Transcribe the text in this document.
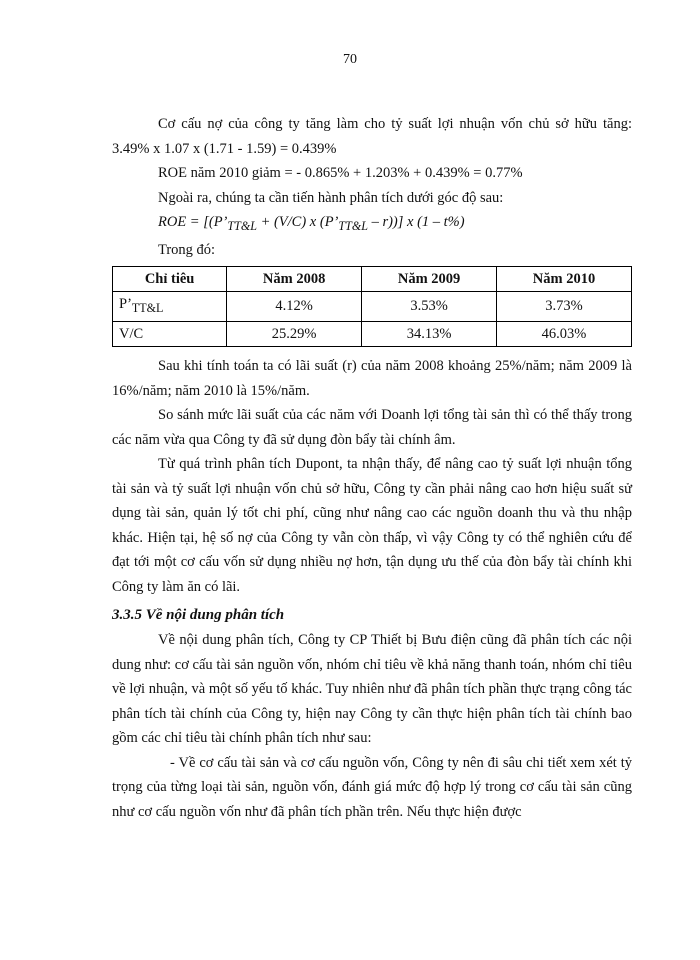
70

Cơ cấu nợ của công ty tăng làm cho tỷ suất lợi nhuận vốn chủ sở hữu tăng: 3.49% x 1.07 x (1.71 - 1.59) = 0.439%

ROE năm 2010 giảm = - 0.865% + 1.203% + 0.439% = 0.77%

Ngoài ra, chúng ta cần tiến hành phân tích dưới góc độ sau:

ROE = [($P’_{TT\&L} + (V/C)$ x $(P’_{TT\&L} - r)$)] x (1 – t%)

Trong đó:

Chỉ tiêu	Năm 2008	Năm 2009	Năm 2010
$P’_{TT\&L}$	4.12%	3.53%	3.73%
V/C	25.29%	34.13%	46.03%

Sau khi tính toán ta có lãi suất (r) của năm 2008 khoảng 25%/năm; năm 2009 là 16%/năm; năm 2010 là 15%/năm.

So sánh mức lãi suất của các năm với Doanh lợi tổng tài sản thì có thể thấy trong các năm vừa qua Công ty đã sử dụng đòn bẩy tài chính âm.

Từ quá trình phân tích Dupont, ta nhận thấy, để nâng cao tỷ suất lợi nhuận tổng tài sản và tỷ suất lợi nhuận vốn chủ sở hữu, Công ty cần phải nâng cao hơn hiệu suất sử dụng tài sản, quản lý tốt chi phí, cũng như nâng cao các nguồn doanh thu và thu nhập khác. Hiện tại, hệ số nợ của Công ty vẫn còn thấp, vì vậy Công ty có thể nghiên cứu để đạt tới một cơ cấu vốn sử dụng nhiều nợ hơn, tận dụng ưu thế của đòn bẩy tài chính khi Công ty làm ăn có lãi.

3.3.5 Về nội dung phân tích

Về nội dung phân tích, Công ty CP Thiết bị Bưu điện cũng đã phân tích các nội dung như: cơ cấu tài sản nguồn vốn, nhóm chỉ tiêu về khả năng thanh toán, nhóm chỉ tiêu về lợi nhuận, và một số yếu tố khác. Tuy nhiên như đã phân tích phần thực trạng công tác phân tích tài chính của Công ty, hiện nay Công ty cần thực hiện phân tích tài chính bao gồm các chỉ tiêu tài chính phân tích như sau:

- Về cơ cấu tài sản và cơ cấu nguồn vốn, Công ty nên đi sâu chi tiết xem xét tỷ trọng của từng loại tài sản, nguồn vốn, đánh giá mức độ hợp lý trong cơ cấu tài sản cũng như cơ cấu nguồn vốn như đã phân tích phần trên. Nếu thực hiện được
